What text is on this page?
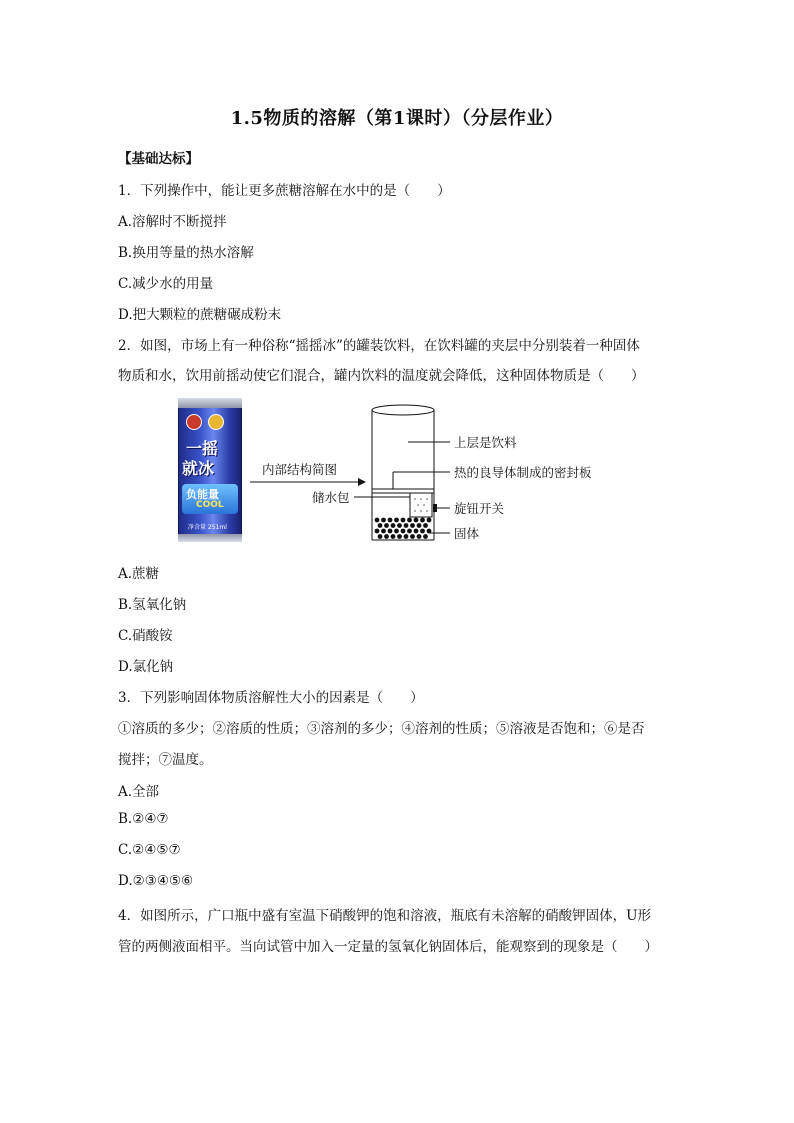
1.5物质的溶解（第1课时）（分层作业）
【基础达标】
1．下列操作中，能让更多蔗糖溶解在水中的是（　　）
A.溶解时不断搅拌
B.换用等量的热水溶解
C.减少水的用量
D.把大颗粒的蔗糖碾成粉末
2．如图，市场上有一种俗称“摇摇冰”的罐装饮料，在饮料罐的夹层中分别装着一种固体
物质和水，饮用前摇动使它们混合，罐内饮料的温度就会降低，这种固体物质是（　　）
一摇
就冰
负能量
COOL
净含量 251ml
内部结构简图
上层是饮料
热的良导体制成的密封板
储水包
旋钮开关
固体
A.蔗糖
B.氢氧化钠
C.硝酸铵
D.氯化钠
3．下列影响固体物质溶解性大小的因素是（　　）
①溶质的多少；②溶质的性质；③溶剂的多少；④溶剂的性质；⑤溶液是否饱和；⑥是否
搅拌；⑦温度。
A.全部
B.②④⑦
C.②④⑤⑦
D.②③④⑤⑥
4．如图所示，广口瓶中盛有室温下硝酸钾的饱和溶液，瓶底有未溶解的硝酸钾固体，U形
管的两侧液面相平。当向试管中加入一定量的氢氧化钠固体后，能观察到的现象是（　　）
